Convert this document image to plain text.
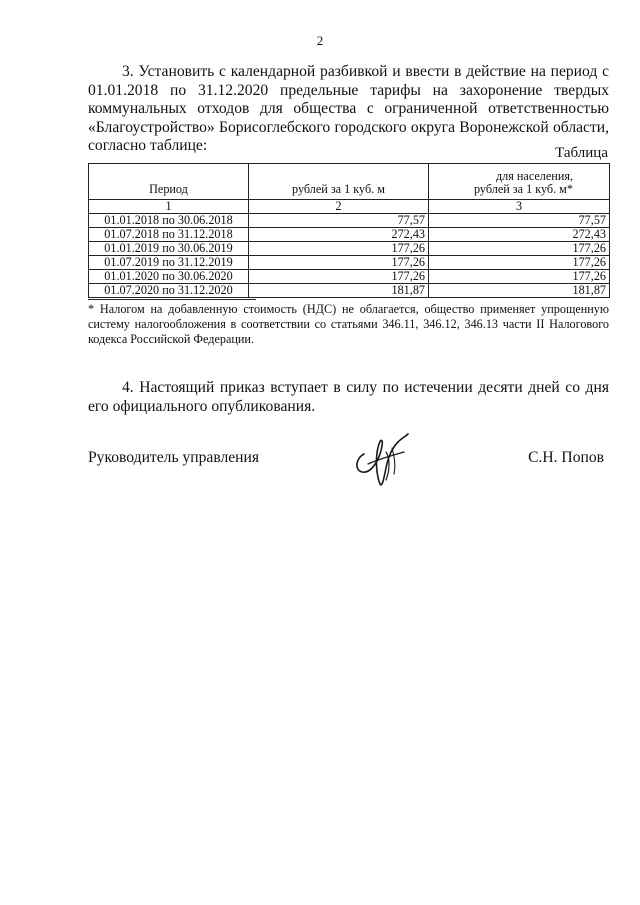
2

3. Установить с календарной разбивкой и ввести в действие на период с 01.01.2018 по 31.12.2020 предельные тарифы на захоронение твердых коммунальных отходов для общества с ограниченной ответственностью «Благоустройство» Борисоглебского городского округа Воронежской области, согласно таблице:	Таблица
Период	рублей за 1 куб. м	для населения,
рублей за 1 куб. м*
1	2	3
01.01.2018 по 30.06.2018	77,57	77,57
01.07.2018 по 31.12.2018	272,43	272,43
01.01.2019 по 30.06.2019	177,26	177,26
01.07.2019 по 31.12.2019	177,26	177,26
01.01.2020 по 30.06.2020	177,26	177,26
01.07.2020 по 31.12.2020	181,87	181,87
* Налогом на добавленную стоимость (НДС) не облагается, общество применяет упрощенную систему налогообложения в соответствии со статьями 346.11, 346.12, 346.13 части II Налогового кодекса Российской Федерации.

4. Настоящий приказ вступает в силу по истечении десяти дней со дня его официального опубликования.

Руководитель управления	С.Н. Попов
